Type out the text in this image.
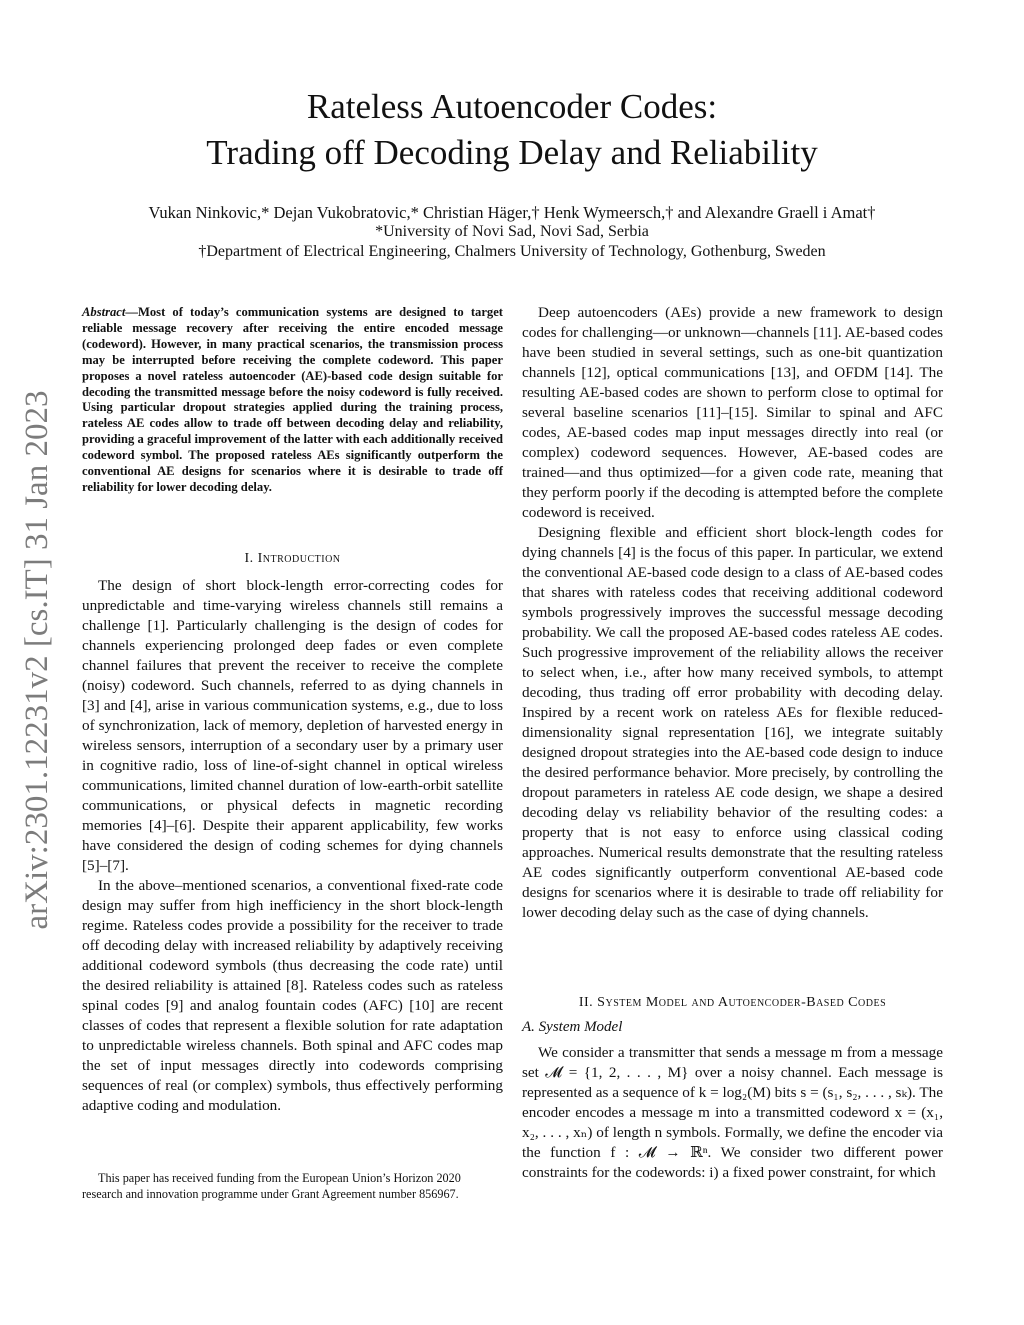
Rateless Autoencoder Codes:
Trading off Decoding Delay and Reliability
Vukan Ninkovic,* Dejan Vukobratovic,* Christian Häger,† Henk Wymeersch,† and Alexandre Graell i Amat†
*University of Novi Sad, Novi Sad, Serbia
†Department of Electrical Engineering, Chalmers University of Technology, Gothenburg, Sweden
arXiv:2301.12231v2 [cs.IT] 31 Jan 2023
Abstract—Most of today’s communication systems are designed to target reliable message recovery after receiving the entire encoded message (codeword). However, in many practical scenarios, the transmission process may be interrupted before receiving the complete codeword. This paper proposes a novel rateless autoencoder (AE)-based code design suitable for decoding the transmitted message before the noisy codeword is fully received. Using particular dropout strategies applied during the training process, rateless AE codes allow to trade off between decoding delay and reliability, providing a graceful improvement of the latter with each additionally received codeword symbol. The proposed rateless AEs significantly outperform the conventional AE designs for scenarios where it is desirable to trade off reliability for lower decoding delay.
I. Introduction

The design of short block-length error-correcting codes for unpredictable and time-varying wireless channels still remains a challenge [1]. Particularly challenging is the design of codes for channels experiencing prolonged deep fades or even complete channel failures that prevent the receiver to receive the complete (noisy) codeword. Such channels, referred to as dying channels in [3] and [4], arise in various communication systems, e.g., due to loss of synchronization, lack of memory, depletion of harvested energy in wireless sensors, interruption of a secondary user by a primary user in cognitive radio, loss of line-of-sight channel in optical wireless communications, limited channel duration of low-earth-orbit satellite communications, or physical defects in magnetic recording memories [4]–[6]. Despite their apparent applicability, few works have considered the design of coding schemes for dying channels [5]–[7].

In the above–mentioned scenarios, a conventional fixed-rate code design may suffer from high inefficiency in the short block-length regime. Rateless codes provide a possibility for the receiver to trade off decoding delay with increased reliability by adaptively receiving additional codeword symbols (thus decreasing the code rate) until the desired reliability is attained [8]. Rateless codes such as rateless spinal codes [9] and analog fountain codes (AFC) [10] are recent classes of codes that represent a flexible solution for rate adaptation to unpredictable wireless channels. Both spinal and AFC codes map the set of input messages directly into codewords comprising sequences of real (or complex) symbols, thus effectively performing adaptive coding and modulation.

This paper has received funding from the European Union’s Horizon 2020
research and innovation programme under Grant Agreement number 856967.

Deep autoencoders (AEs) provide a new framework to design codes for challenging—or unknown—channels [11]. AE-based codes have been studied in several settings, such as one-bit quantization channels [12], optical communications [13], and OFDM [14]. The resulting AE-based codes are shown to perform close to optimal for several baseline scenarios [11]–[15]. Similar to spinal and AFC codes, AE-based codes map input messages directly into real (or complex) codeword sequences. However, AE-based codes are trained—and thus optimized—for a given code rate, meaning that they perform poorly if the decoding is attempted before the complete codeword is received.

Designing flexible and efficient short block-length codes for dying channels [4] is the focus of this paper. In particular, we extend the conventional AE-based code design to a class of AE-based codes that shares with rateless codes that receiving additional codeword symbols progressively improves the successful message decoding probability. We call the proposed AE-based codes rateless AE codes. Such progressive improvement of the reliability allows the receiver to select when, i.e., after how many received symbols, to attempt decoding, thus trading off error probability with decoding delay. Inspired by a recent work on rateless AEs for flexible reduced-dimensionality signal representation [16], we integrate suitably designed dropout strategies into the AE-based code design to induce the desired performance behavior. More precisely, by controlling the dropout parameters in rateless AE code design, we shape a desired decoding delay vs reliability behavior of the resulting codes: a property that is not easy to enforce using classical coding approaches. Numerical results demonstrate that the resulting rateless AE codes significantly outperform conventional AE-based code designs for scenarios where it is desirable to trade off reliability for lower decoding delay such as the case of dying channels.

II. System Model and Autoencoder-Based Codes
A. System Model

We consider a transmitter that sends a message m from a message set 𝓜 = {1, 2, . . . , M} over a noisy channel. Each message is represented as a sequence of k = log₂(M) bits s = (s₁, s₂, . . . , sₖ). The encoder encodes a message m into a transmitted codeword x = (x₁, x₂, . . . , xₙ) of length n symbols. Formally, we define the encoder via the function f : 𝓜 → ℝⁿ. We consider two different power constraints for the codewords: i) a fixed power constraint, for which
